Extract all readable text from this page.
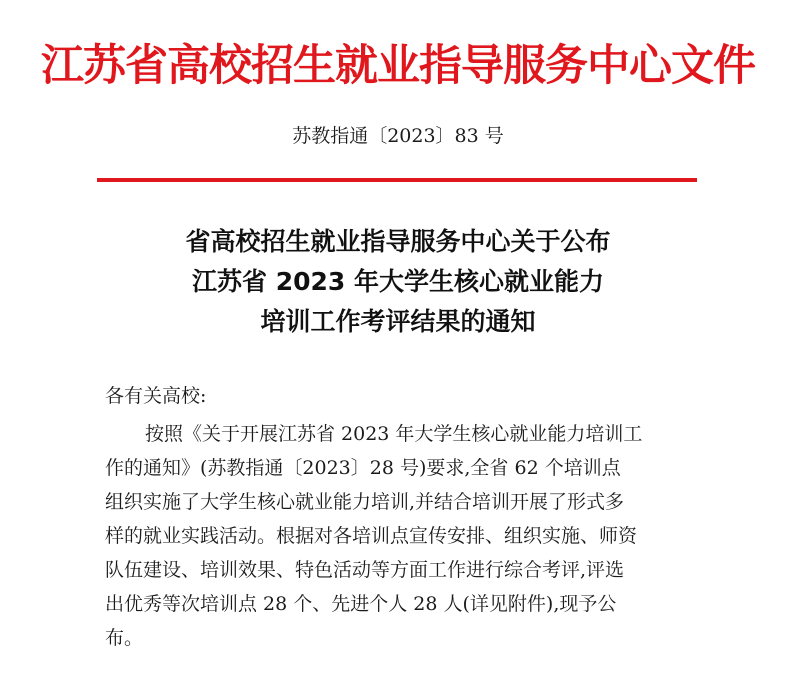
江苏省高校招生就业指导服务中心文件
苏教指通〔2023〕83 号
省高校招生就业指导服务中心关于公布
江苏省 2023 年大学生核心就业能力
培训工作考评结果的通知
各有关高校:
按照《关于开展江苏省 2023 年大学生核心就业能力培训工
作的通知》(苏教指通〔2023〕28 号)要求,全省 62 个培训点
组织实施了大学生核心就业能力培训,并结合培训开展了形式多
样的就业实践活动。根据对各培训点宣传安排、组织实施、师资
队伍建设、培训效果、特色活动等方面工作进行综合考评,评选
出优秀等次培训点 28 个、先进个人 28 人(详见附件),现予公
布。
